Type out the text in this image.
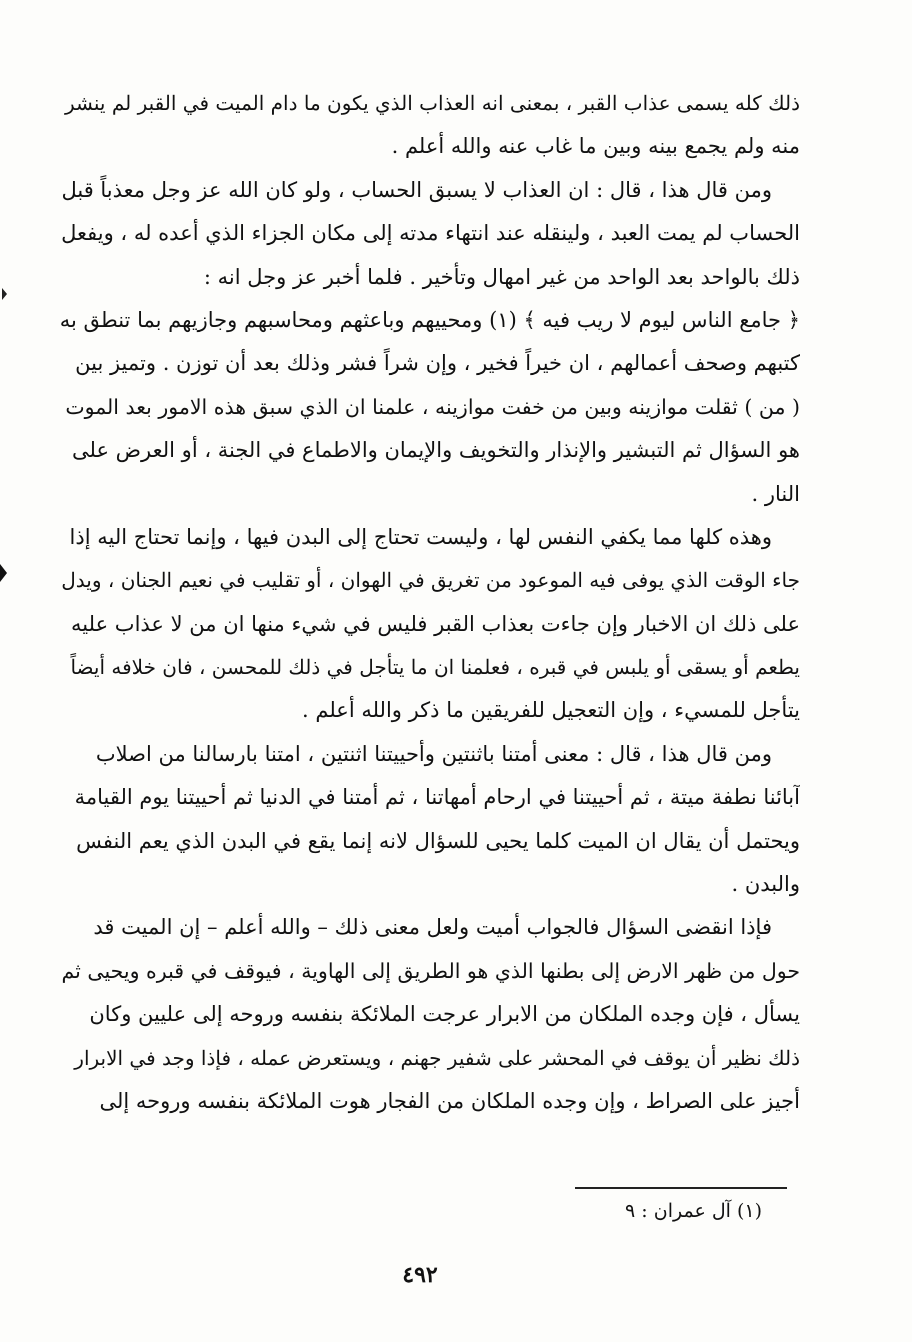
ذلك كله يسمى عذاب القبر ، بمعنى انه العذاب الذي يكون ما دام الميت في القبر لم ينشر
منه ولم يجمع بينه وبين ما غاب عنه والله أعلم .
ومن قال هذا ، قال : ان العذاب لا يسبق الحساب ، ولو كان الله عز وجل معذباً قبل
الحساب لم يمت العبد ، ولينقله عند انتهاء مدته إلى مكان الجزاء الذي أعده له ، ويفعل
ذلك بالواحد بعد الواحد من غير امهال وتأخير . فلما أخبر عز وجل انه :
﴿ جامع الناس ليوم لا ريب فيه ﴾ (١) ومحييهم وباعثهم ومحاسبهم وجازيهم بما تنطق به
كتبهم وصحف أعمالهم ، ان خيراً فخير ، وإن شراً فشر وذلك بعد أن توزن . وتميز بين
( من ) ثقلت موازينه وبين من خفت موازينه ، علمنا ان الذي سبق هذه الامور بعد الموت
هو السؤال ثم التبشير والإنذار والتخويف والإيمان والاطماع في الجنة ، أو العرض على
النار .
وهذه كلها مما يكفي النفس لها ، وليست تحتاج إلى البدن فيها ، وإنما تحتاج اليه إذا
جاء الوقت الذي يوفى فيه الموعود من تغريق في الهوان ، أو تقليب في نعيم الجنان ، ويدل
على ذلك ان الاخبار وإن جاءت بعذاب القبر فليس في شيء منها ان من لا عذاب عليه
يطعم أو يسقى أو يلبس في قبره ، فعلمنا ان ما يتأجل في ذلك للمحسن ، فان خلافه أيضاً
يتأجل للمسيء ، وإن التعجيل للفريقين ما ذكر والله أعلم .
ومن قال هذا ، قال : معنى أمتنا باثنتين وأحييتنا اثنتين ، امتنا بارسالنا من اصلاب
آبائنا نطفة ميتة ، ثم أحييتنا في ارحام أمهاتنا ، ثم أمتنا في الدنيا ثم أحييتنا يوم القيامة
ويحتمل أن يقال ان الميت كلما يحيى للسؤال لانه إنما يقع في البدن الذي يعم النفس
والبدن .
فإذا انقضى السؤال فالجواب أميت ولعل معنى ذلك – والله أعلم – إن الميت قد
حول من ظهر الارض إلى بطنها الذي هو الطريق إلى الهاوية ، فيوقف في قبره ويحيى ثم
يسأل ، فإن وجده الملكان من الابرار عرجت الملائكة بنفسه وروحه إلى عليين وكان
ذلك نظير أن يوقف في المحشر على شفير جهنم ، ويستعرض عمله ، فإذا وجد في الابرار
أجيز على الصراط ، وإن وجده الملكان من الفجار هوت الملائكة بنفسه وروحه إلى
(١) آل عمران : ٩
٤٩٢
